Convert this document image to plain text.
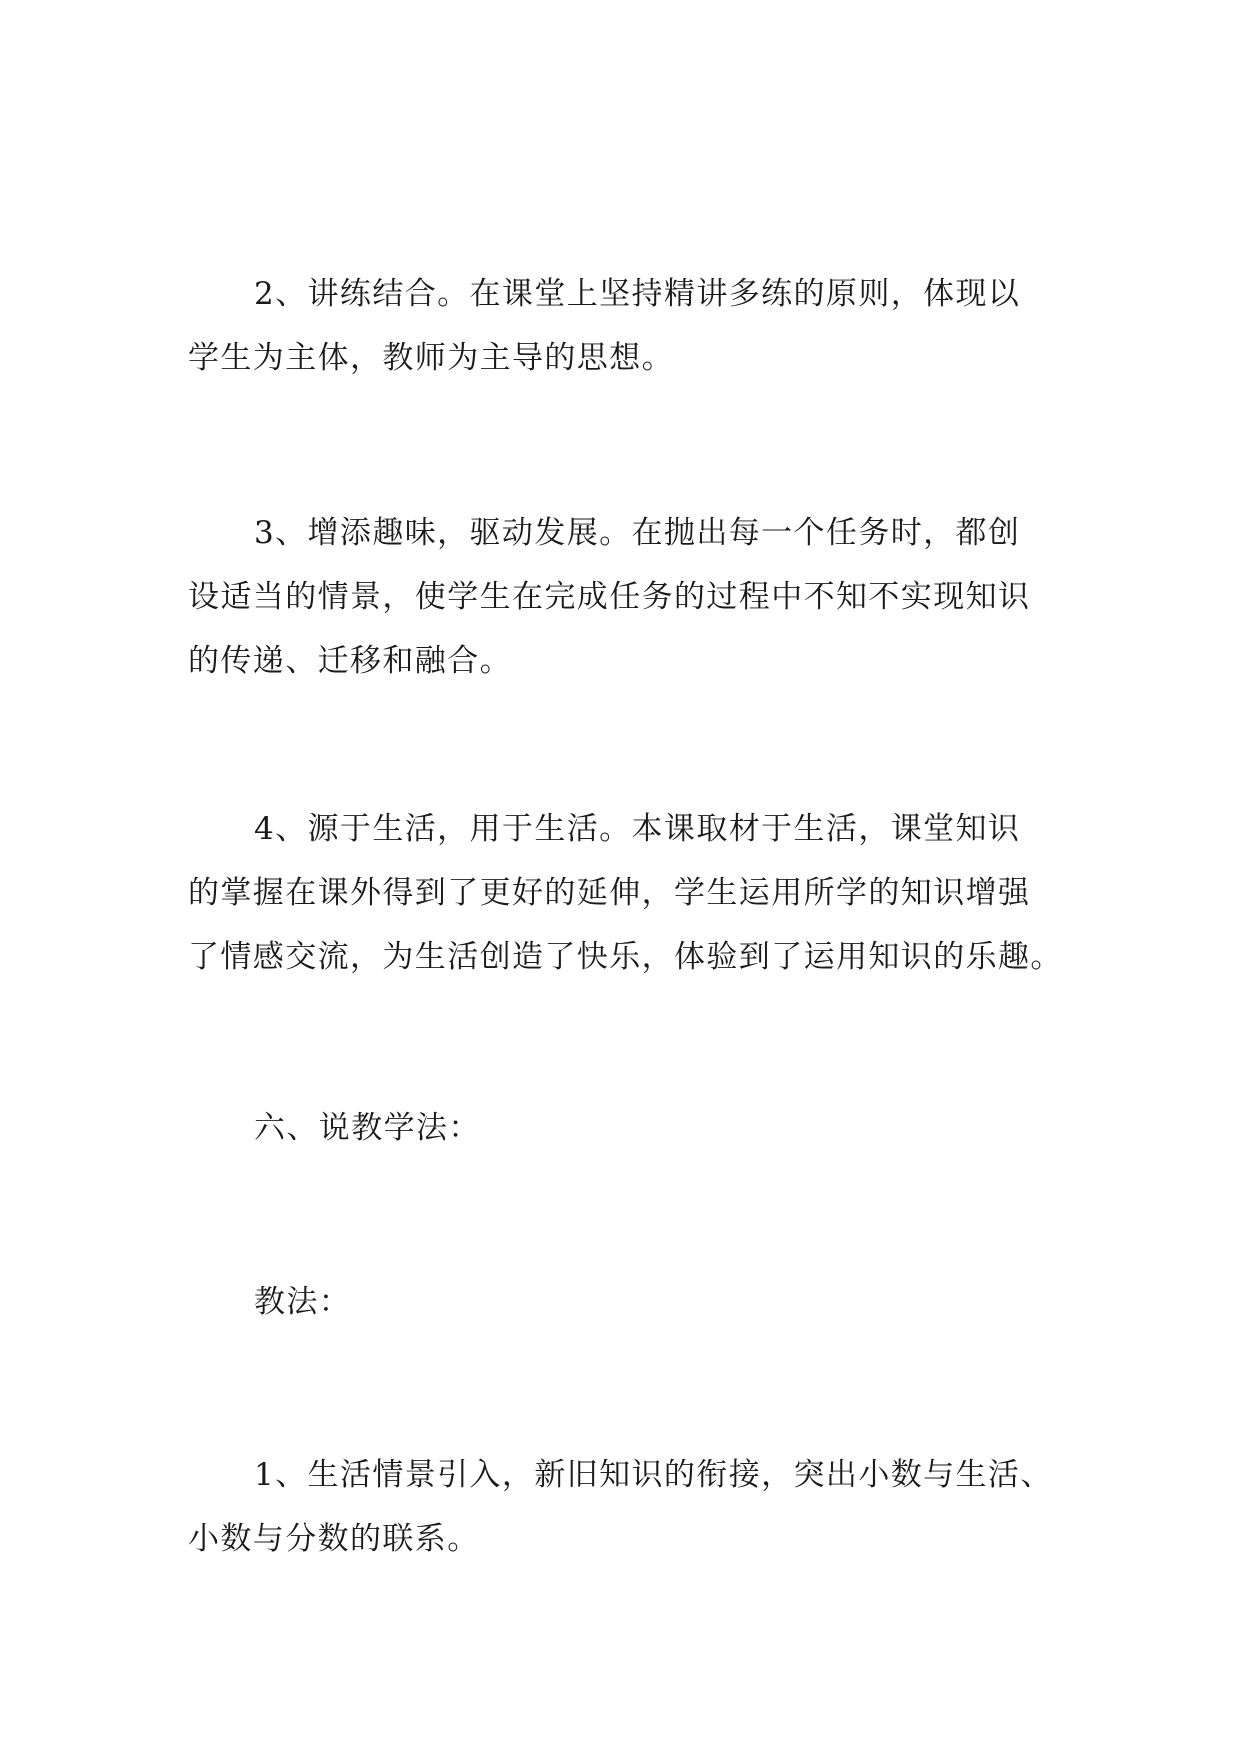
2、讲练结合。在课堂上坚持精讲多练的原则，体现以
学生为主体，教师为主导的思想。
3、增添趣味，驱动发展。在抛出每一个任务时，都创
设适当的情景，使学生在完成任务的过程中不知不实现知识
的传递、迁移和融合。
4、源于生活，用于生活。本课取材于生活，课堂知识
的掌握在课外得到了更好的延伸，学生运用所学的知识增强
了情感交流，为生活创造了快乐，体验到了运用知识的乐趣。
六、说教学法：
教法：
1、生活情景引入，新旧知识的衔接，突出小数与生活、
小数与分数的联系。
